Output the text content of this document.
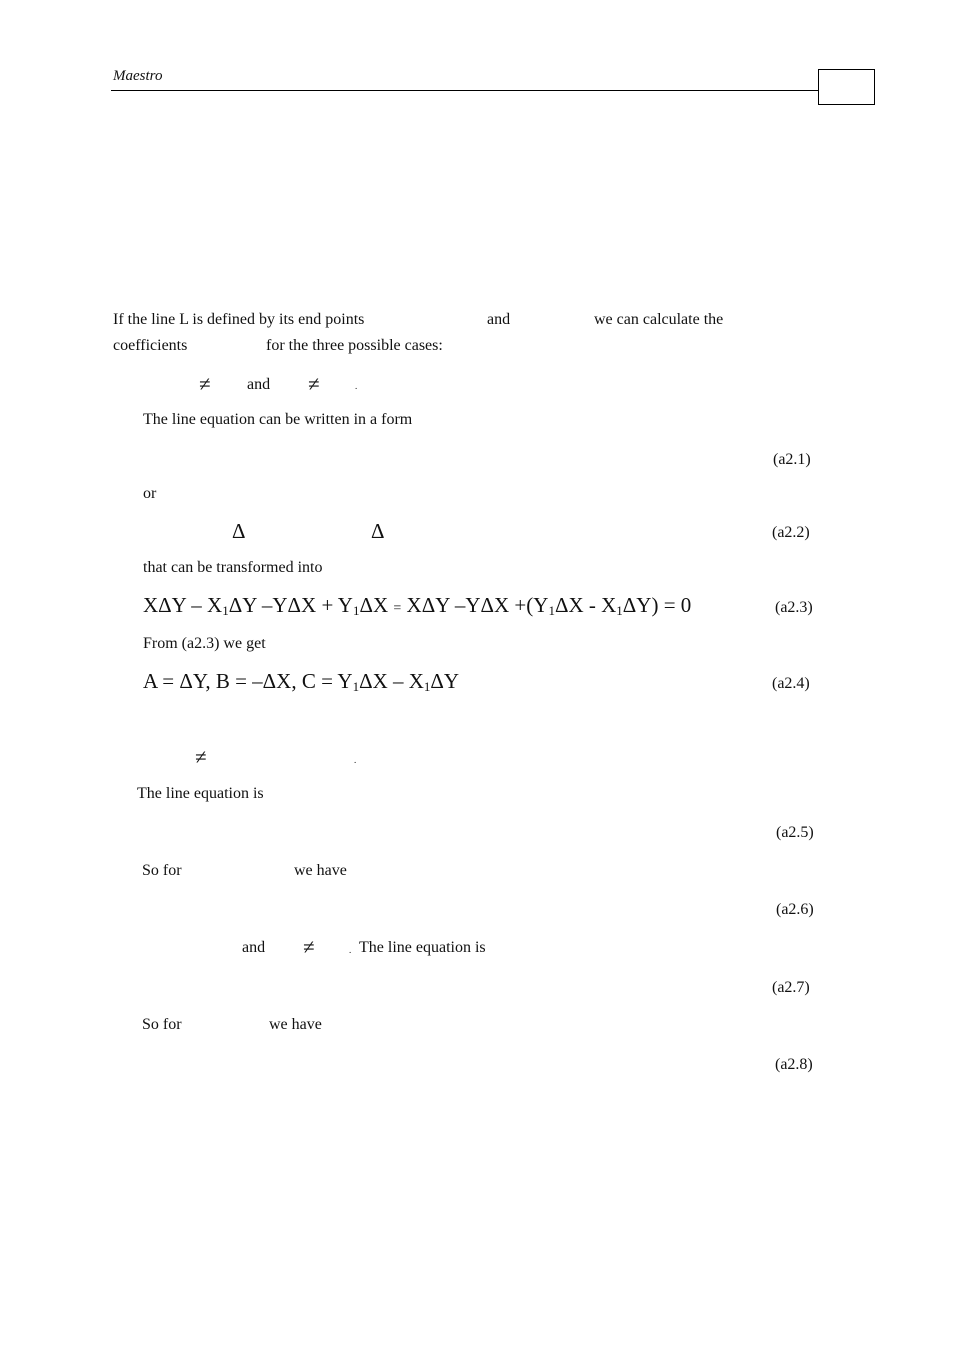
Maestro
If the line L is defined by its end points	and	we can calculate the
coefficients	for the three possible cases:
≠ and ≠	.
The line equation can be written in a form
(a2.1)
or
Δ	Δ	(a2.2)
that can be transformed into
XΔY – $X_1\Delta Y$ $-Y\Delta X + Y_1\Delta X = X\Delta Y$ $-Y\Delta X +(Y_1\Delta X - X_1\Delta Y) = 0$	(a2.3)
From (a2.3) we get
A = ΔY, B = –ΔX, $C = Y_1\Delta X - X_1\Delta Y$	(a2.4)
≠	.
The line equation is
(a2.5)
So for	we have
(a2.6)
and ≠	. The line equation is
(a2.7)
So for	we have
(a2.8)
